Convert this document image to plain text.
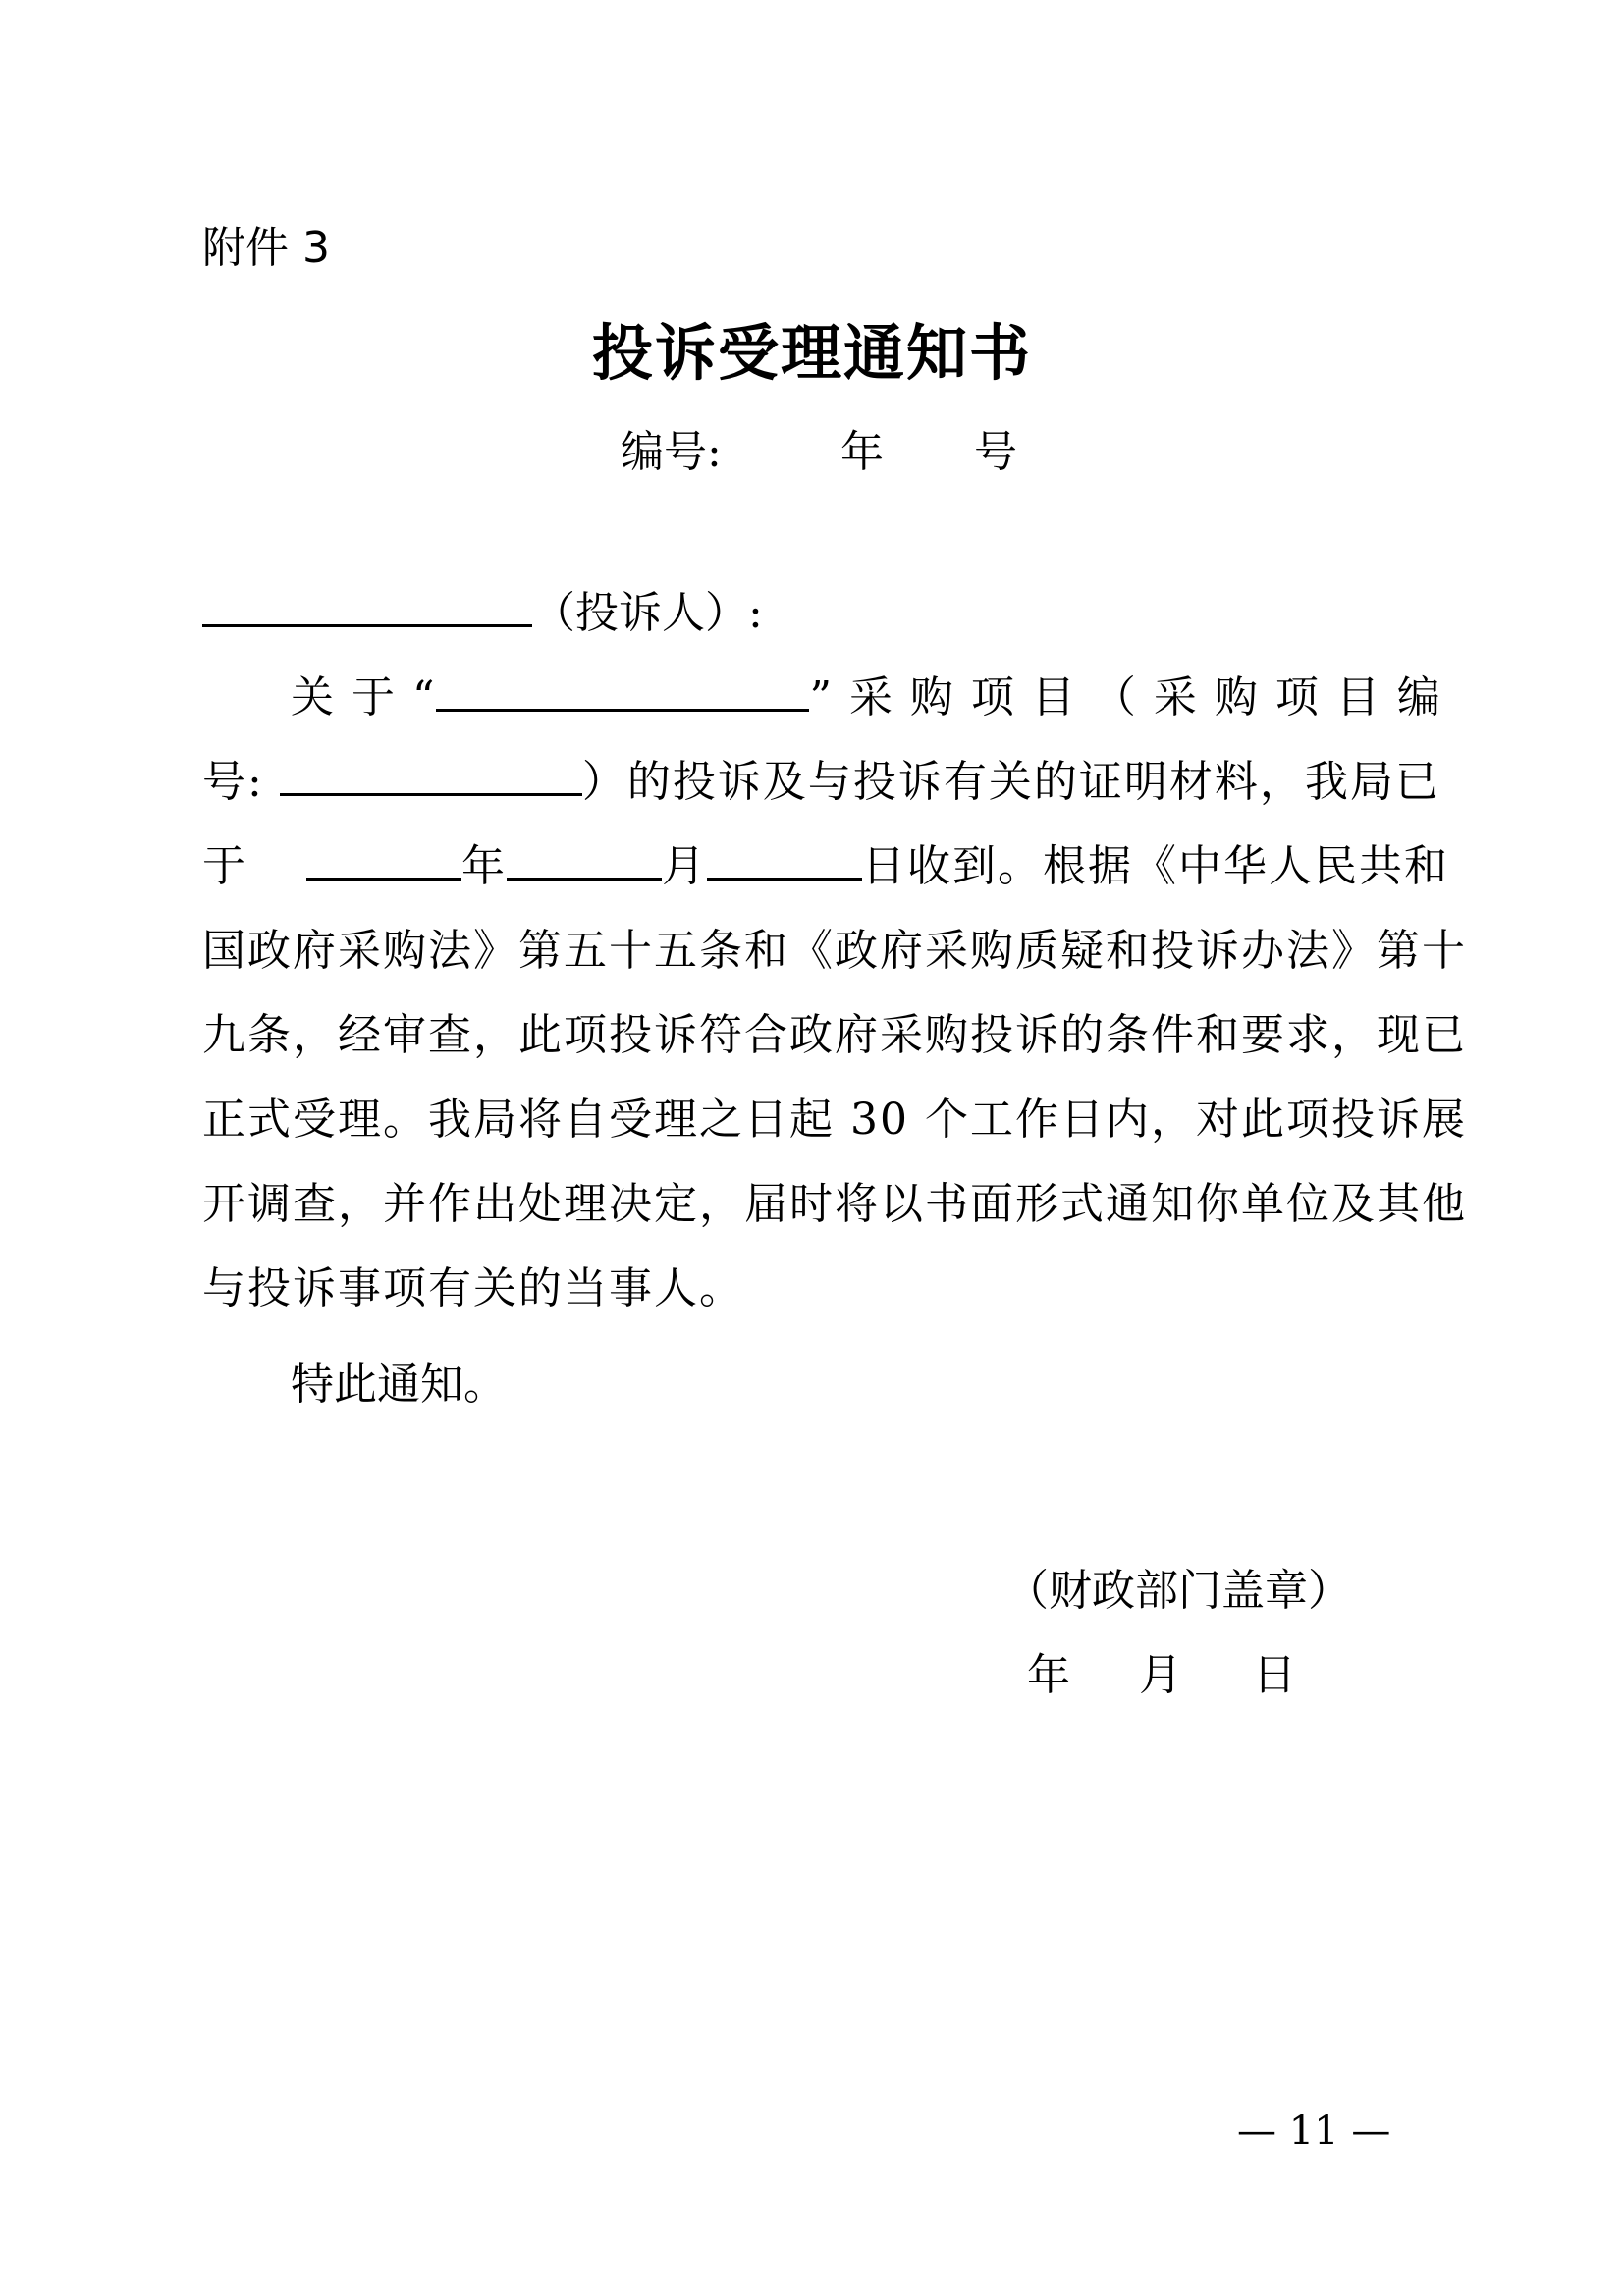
附件 3
投诉受理通知书
编号:	年 号
（投诉人）:
关 于 “	” 采 购 项 目 （ 采 购 项 目 编
号:	）的投诉及与投诉有关的证明材料，我局已
于	年	月	日收到。根据《中华人民共和
国政府采购法》第五十五条和《政府采购质疑和投诉办法》第十
九条，经审查，此项投诉符合政府采购投诉的条件和要求，现已
正式受理。我局将自受理之日起 30 个工作日内，对此项投诉展
开调查，并作出处理决定，届时将以书面形式通知你单位及其他
与投诉事项有关的当事人。
特此通知。
（财政部门盖章）
年 月 日
— 11 —
